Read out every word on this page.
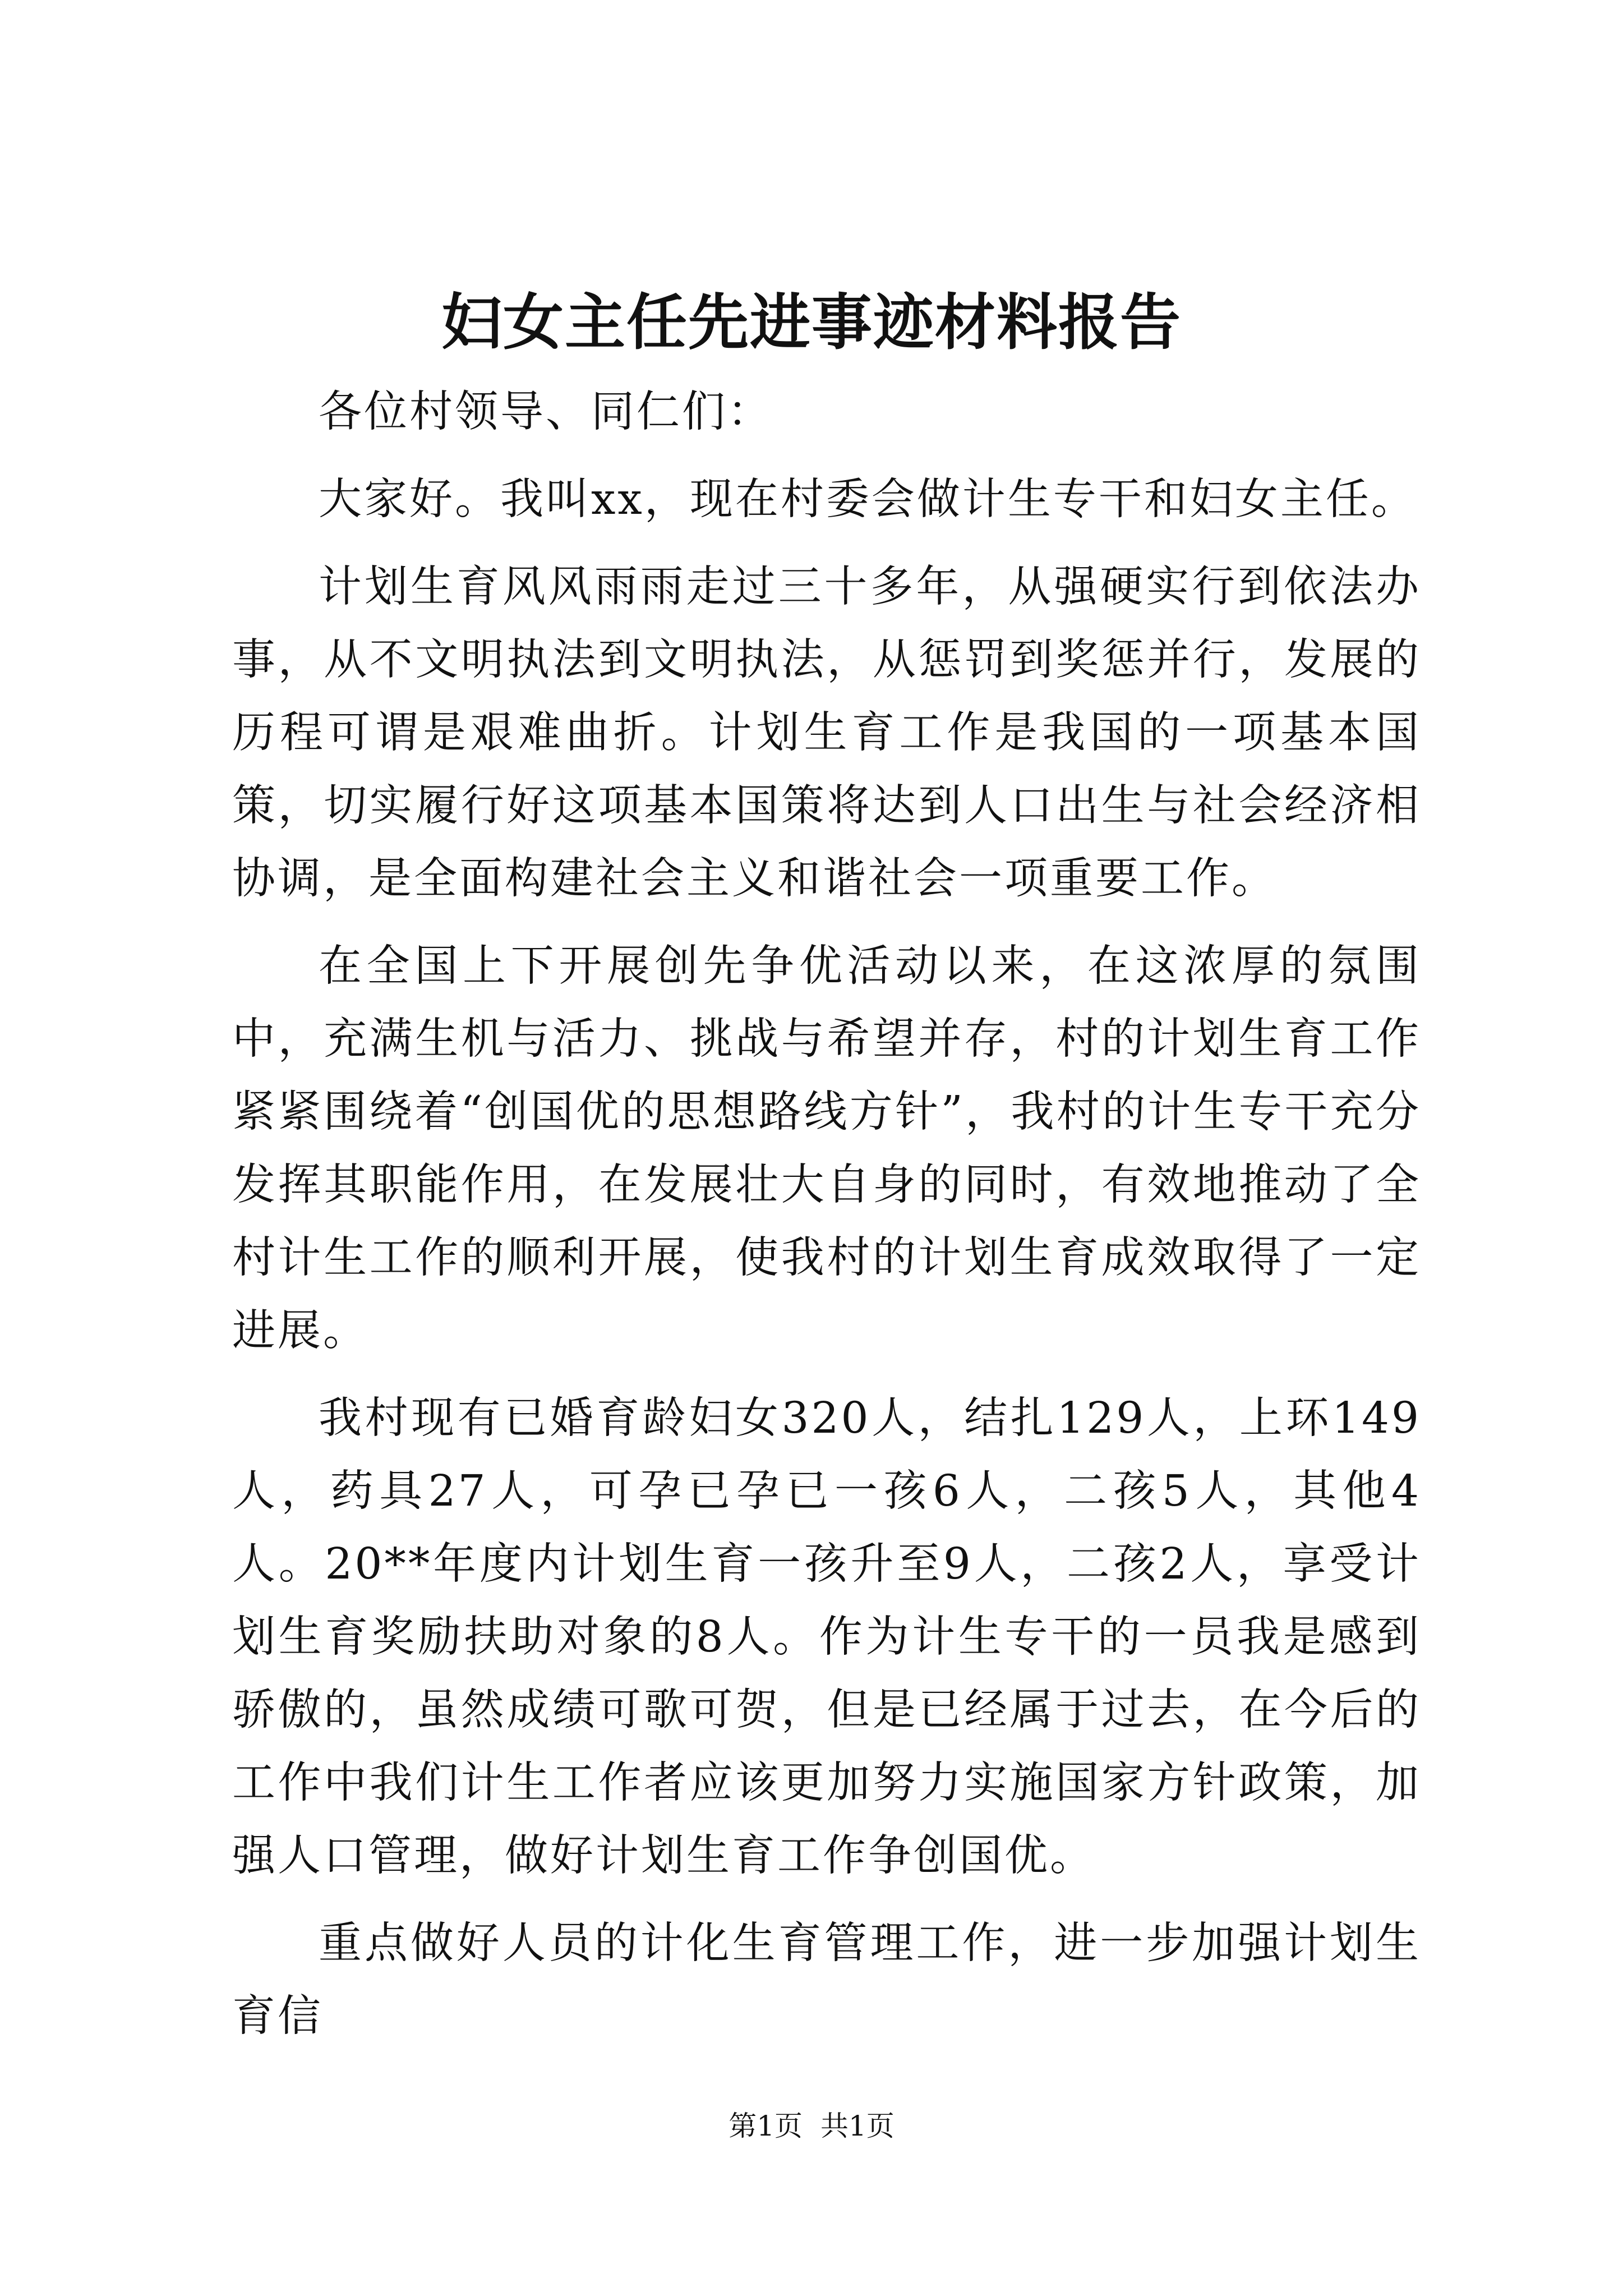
妇女主任先进事迹材料报告

各位村领导、同仁们：

大家好。我叫xx，现在村委会做计生专干和妇女主任。

计划生育风风雨雨走过三十多年，从强硬实行到依法办事，从不文明执法到文明执法，从惩罚到奖惩并行，发展的历程可谓是艰难曲折。计划生育工作是我国的一项基本国策，切实履行好这项基本国策将达到人口出生与社会经济相协调，是全面构建社会主义和谐社会一项重要工作。

在全国上下开展创先争优活动以来，在这浓厚的氛围中，充满生机与活力、挑战与希望并存，村的计划生育工作紧紧围绕着“创国优的思想路线方针”，我村的计生专干充分发挥其职能作用，在发展壮大自身的同时，有效地推动了全村计生工作的顺利开展，使我村的计划生育成效取得了一定进展。

我村现有已婚育龄妇女320人，结扎129人，上环149人，药具27人，可孕已孕已一孩6人，二孩5人，其他4人。20**年度内计划生育一孩升至9人，二孩2人，享受计划生育奖励扶助对象的8人。作为计生专干的一员我是感到骄傲的，虽然成绩可歌可贺，但是已经属于过去，在今后的工作中我们计生工作者应该更加努力实施国家方针政策，加强人口管理，做好计划生育工作争创国优。

重点做好人员的计化生育管理工作，进一步加强计划生育信

第1页 共1页
